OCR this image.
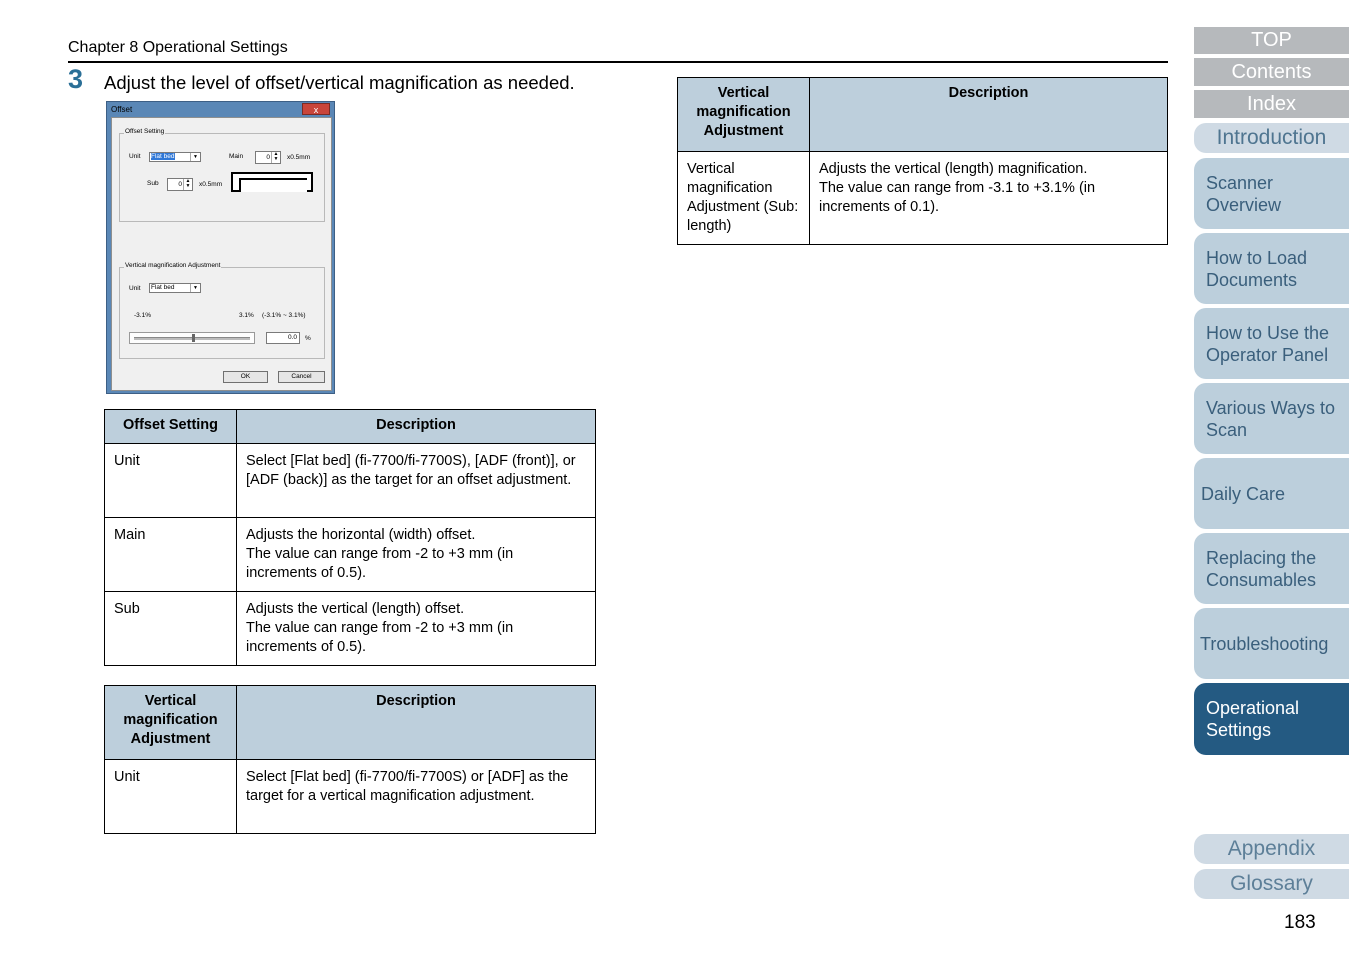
Chapter 8 Operational Settings
3 Adjust the level of offset/vertical magnification as needed.
Offset	x
Offset Setting
Unit	Flat bed	▼	Main	0 ▲
▼ x0.5mm
Sub	0 ▲
▼ x0.5mm
Vertical magnification Adjustment
Unit	Flat bed	▼
-3.1%	3.1% (-3.1% ~ 3.1%)
0.0	%
OK	Cancel
Offset Setting	Description
Unit	Select [Flat bed] (fi-7700/fi-7700S), [ADF (front)], or [ADF (back)] as the target for an offset adjustment.

Main	Adjusts the horizontal (width) offset.
The value can range from -2 to +3 mm (in increments of 0.5).

Sub	Adjusts the vertical (length) offset.
The value can range from -2 to +3 mm (in increments of 0.5).
Vertical magnification Adjustment	Description
Unit	Select [Flat bed] (fi-7700/fi-7700S) or [ADF] as the target for a vertical magnification adjustment.
Vertical magnification Adjustment	Description
Vertical magnification Adjustment (Sub: length)	Adjusts the vertical (length) magnification.
The value can range from -3.1 to +3.1% (in increments of 0.1).
TOP
Contents
Index
Introduction
Scanner Overview
How to Load Documents
How to Use the Operator Panel
Various Ways to Scan
Daily Care
Replacing the Consumables
Troubleshooting
Operational Settings
Appendix
Glossary
183
